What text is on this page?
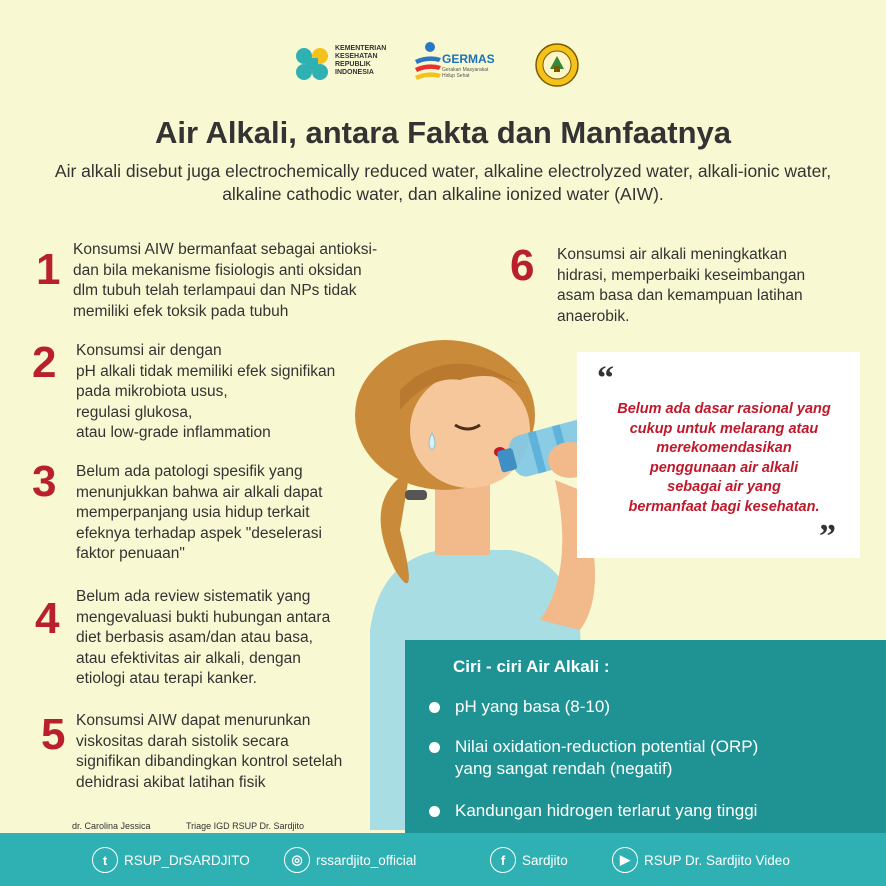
KEMENTERIAN
KESEHATAN
REPUBLIK
INDONESIA
GERMAS
Gerakan Masyarakat Hidup Sehat
Air Alkali, antara Fakta dan Manfaatnya
Air alkali disebut juga electrochemically reduced water, alkaline electrolyzed water, alkali-ionic water, alkaline cathodic water, dan alkaline ionized water (AIW).
1 Konsumsi AIW bermanfaat sebagai antioksi-
dan bila mekanisme fisiologis anti oksidan
dlm tubuh telah terlampaui dan NPs tidak
memiliki efek toksik pada tubuh
2 Konsumsi air dengan
pH alkali tidak memiliki efek signifikan
pada mikrobiota usus,
regulasi glukosa,
atau low-grade inflammation
3 Belum ada patologi spesifik yang
menunjukkan bahwa air alkali dapat
memperpanjang usia hidup terkait
efeknya terhadap aspek "deselerasi
faktor penuaan"
4 Belum ada review sistematik yang
mengevaluasi bukti hubungan antara
diet berbasis asam/dan atau basa,
atau efektivitas air alkali, dengan
etiologi atau terapi kanker.
5 Konsumsi AIW dapat menurunkan
viskositas darah sistolik secara
signifikan dibandingkan kontrol setelah
dehidrasi akibat latihan fisik
6 Konsumsi air alkali meningkatkan
hidrasi, memperbaiki keseimbangan
asam basa dan kemampuan latihan
anaerobik.
“
Belum ada dasar rasional yang
cukup untuk melarang atau
merekomendasikan
penggunaan air alkali
sebagai air yang
bermanfaat bagi kesehatan.
”
Ciri - ciri Air Alkali :
pH yang basa (8-10)
Nilai oxidation-reduction potential (ORP)
yang sangat rendah (negatif)
Kandungan hidrogen terlarut yang tinggi
dr. Carolina Jessica	Triage IGD RSUP Dr. Sardjito
t	RSUP_DrSARDJITO	◎ rssardjito_official	f	Sardjito	▶	RSUP Dr. Sardjito Video
